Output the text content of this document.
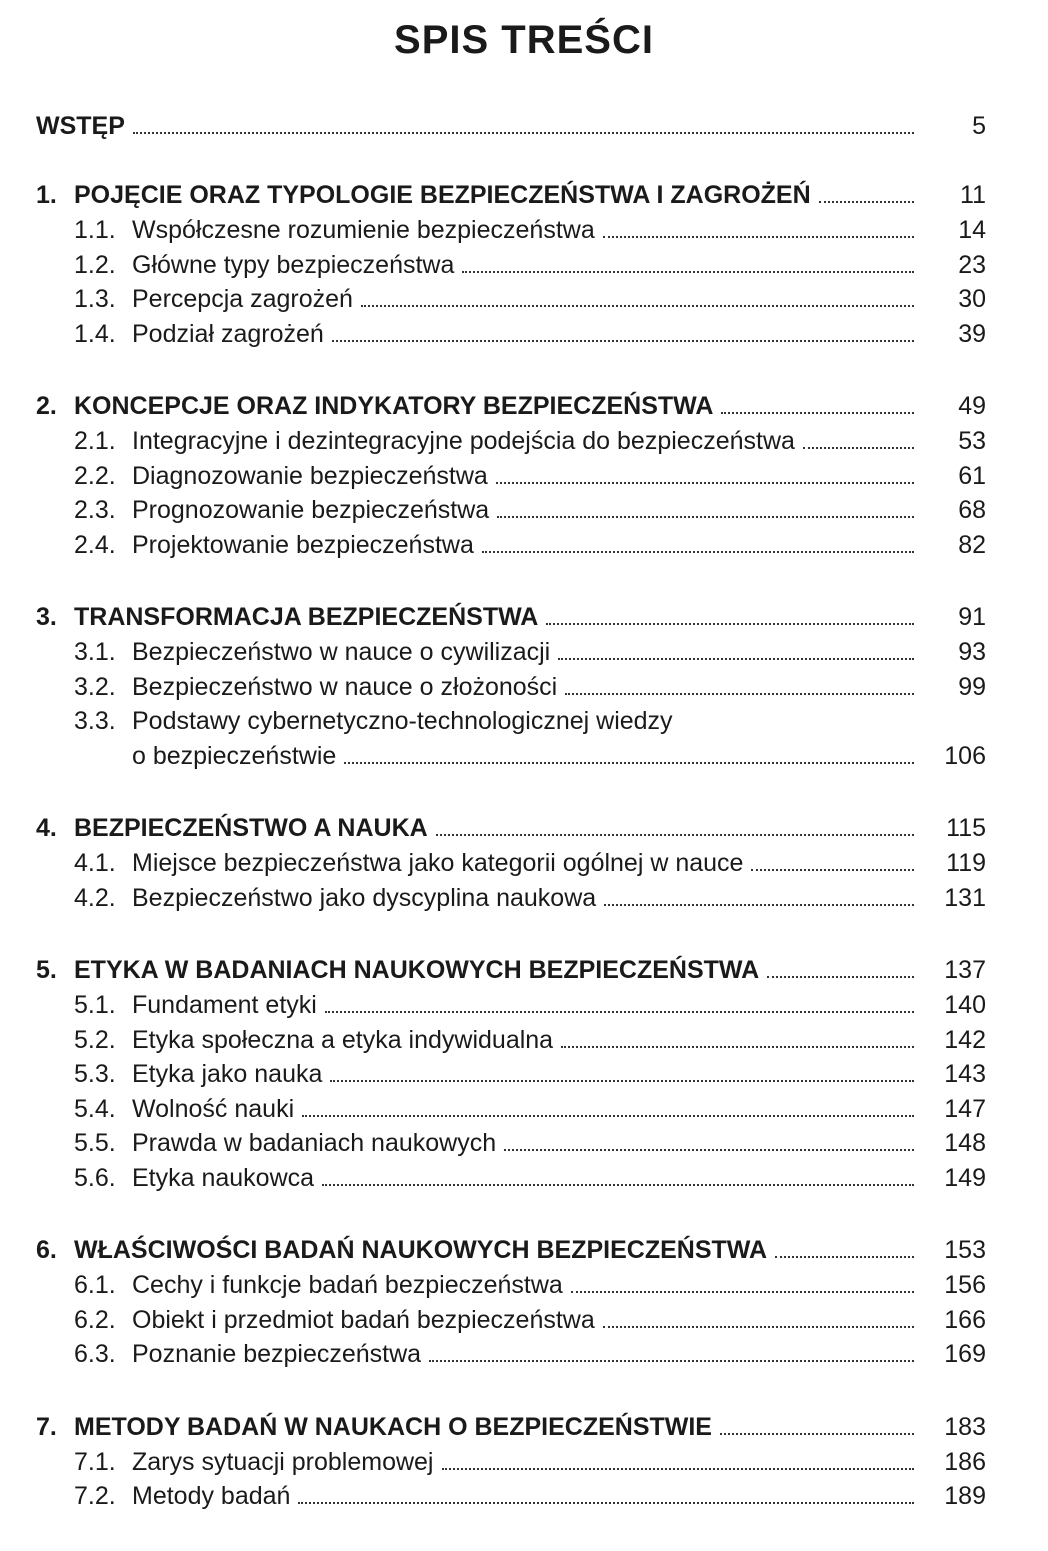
SPIS TREŚCI
WSTĘP	5
1. POJĘCIE ORAZ TYPOLOGIE BEZPIECZEŃSTWA I ZAGROŻEŃ	11
1.1. Współczesne rozumienie bezpieczeństwa	14
1.2. Główne typy bezpieczeństwa	23
1.3. Percepcja zagrożeń	30
1.4. Podział zagrożeń	39
2. KONCEPCJE ORAZ INDYKATORY BEZPIECZEŃSTWA	49
2.1. Integracyjne i dezintegracyjne podejścia do bezpieczeństwa	53
2.2. Diagnozowanie bezpieczeństwa	61
2.3. Prognozowanie bezpieczeństwa	68
2.4. Projektowanie bezpieczeństwa	82
3. TRANSFORMACJA BEZPIECZEŃSTWA	91
3.1. Bezpieczeństwo w nauce o cywilizacji	93
3.2. Bezpieczeństwo w nauce o złożoności	99
3.3. Podstawy cybernetyczno-technologicznej wiedzy
o bezpieczeństwie	106
4. BEZPIECZEŃSTWO A NAUKA	115
4.1. Miejsce bezpieczeństwa jako kategorii ogólnej w nauce	119
4.2. Bezpieczeństwo jako dyscyplina naukowa	131
5. ETYKA W BADANIACH NAUKOWYCH BEZPIECZEŃSTWA	137
5.1. Fundament etyki	140
5.2. Etyka społeczna a etyka indywidualna	142
5.3. Etyka jako nauka	143
5.4. Wolność nauki	147
5.5. Prawda w badaniach naukowych	148
5.6. Etyka naukowca	149
6. WŁAŚCIWOŚCI BADAŃ NAUKOWYCH BEZPIECZEŃSTWA	153
6.1. Cechy i funkcje badań bezpieczeństwa	156
6.2. Obiekt i przedmiot badań bezpieczeństwa	166
6.3. Poznanie bezpieczeństwa	169
7. METODY BADAŃ W NAUKACH O BEZPIECZEŃSTWIE	183
7.1. Zarys sytuacji problemowej	186
7.2. Metody badań	189
